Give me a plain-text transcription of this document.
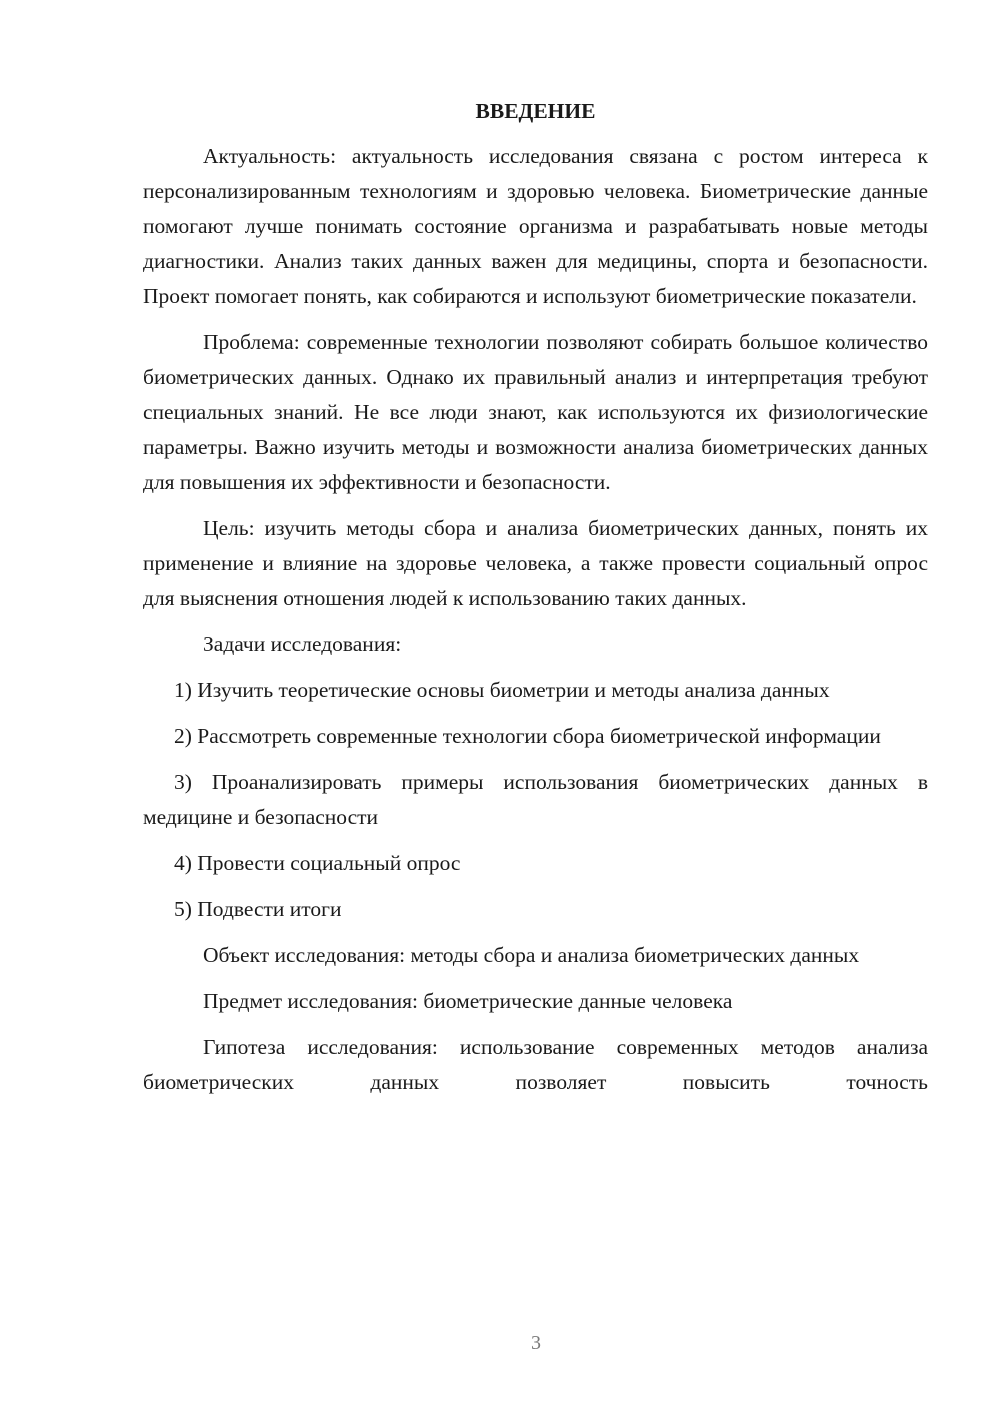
ВВЕДЕНИЕ

Актуальность: актуальность исследования связана с ростом интереса к персонализированным технологиям и здоровью человека. Биометрические данные помогают лучше понимать состояние организма и разрабатывать новые методы диагностики. Анализ таких данных важен для медицины, спорта и безопасности. Проект помогает понять, как собираются и используют биометрические показатели.

Проблема: современные технологии позволяют собирать большое количество биометрических данных. Однако их правильный анализ и интерпретация требуют специальных знаний. Не все люди знают, как используются их физиологические параметры. Важно изучить методы и возможности анализа биометрических данных для повышения их эффективности и безопасности.

Цель: изучить методы сбора и анализа биометрических данных, понять их применение и влияние на здоровье человека, а также провести социальный опрос для выяснения отношения людей к использованию таких данных.

Задачи исследования:

1) Изучить теоретические основы биометрии и методы анализа данных

2) Рассмотреть современные технологии сбора биометрической информации

3) Проанализировать примеры использования биометрических данных в медицине и безопасности

4) Провести социальный опрос

5) Подвести итоги

Объект исследования: методы сбора и анализа биометрических данных

Предмет исследования: биометрические данные человека

Гипотеза исследования: использование современных методов анализа биометрических данных позволяет повысить точность

3
